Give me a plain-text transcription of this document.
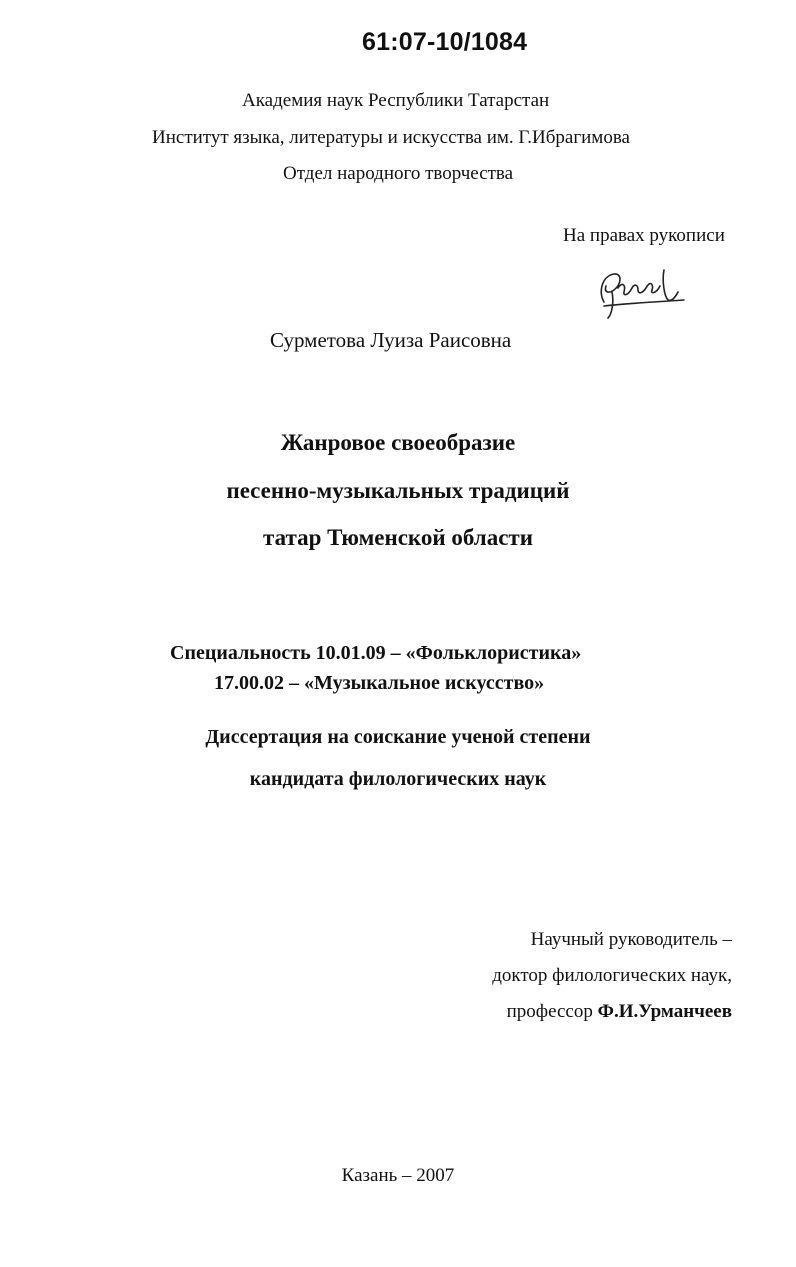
61:07-10/1084
Академия наук Республики Татарстан
Институт языка, литературы и искусства им. Г.Ибрагимова
Отдел народного творчества
На правах рукописи
Сурметова Луиза Раисовна
Жанровое своеобразие
песенно-музыкальных традиций
татар Тюменской области
Специальность 10.01.09 – «Фольклористика»
17.00.02 – «Музыкальное искусство»
Диссертация на соискание ученой степени
кандидата филологических наук
Научный руководитель –
доктор филологических наук,
профессор Ф.И.Урманчеев
Казань – 2007
